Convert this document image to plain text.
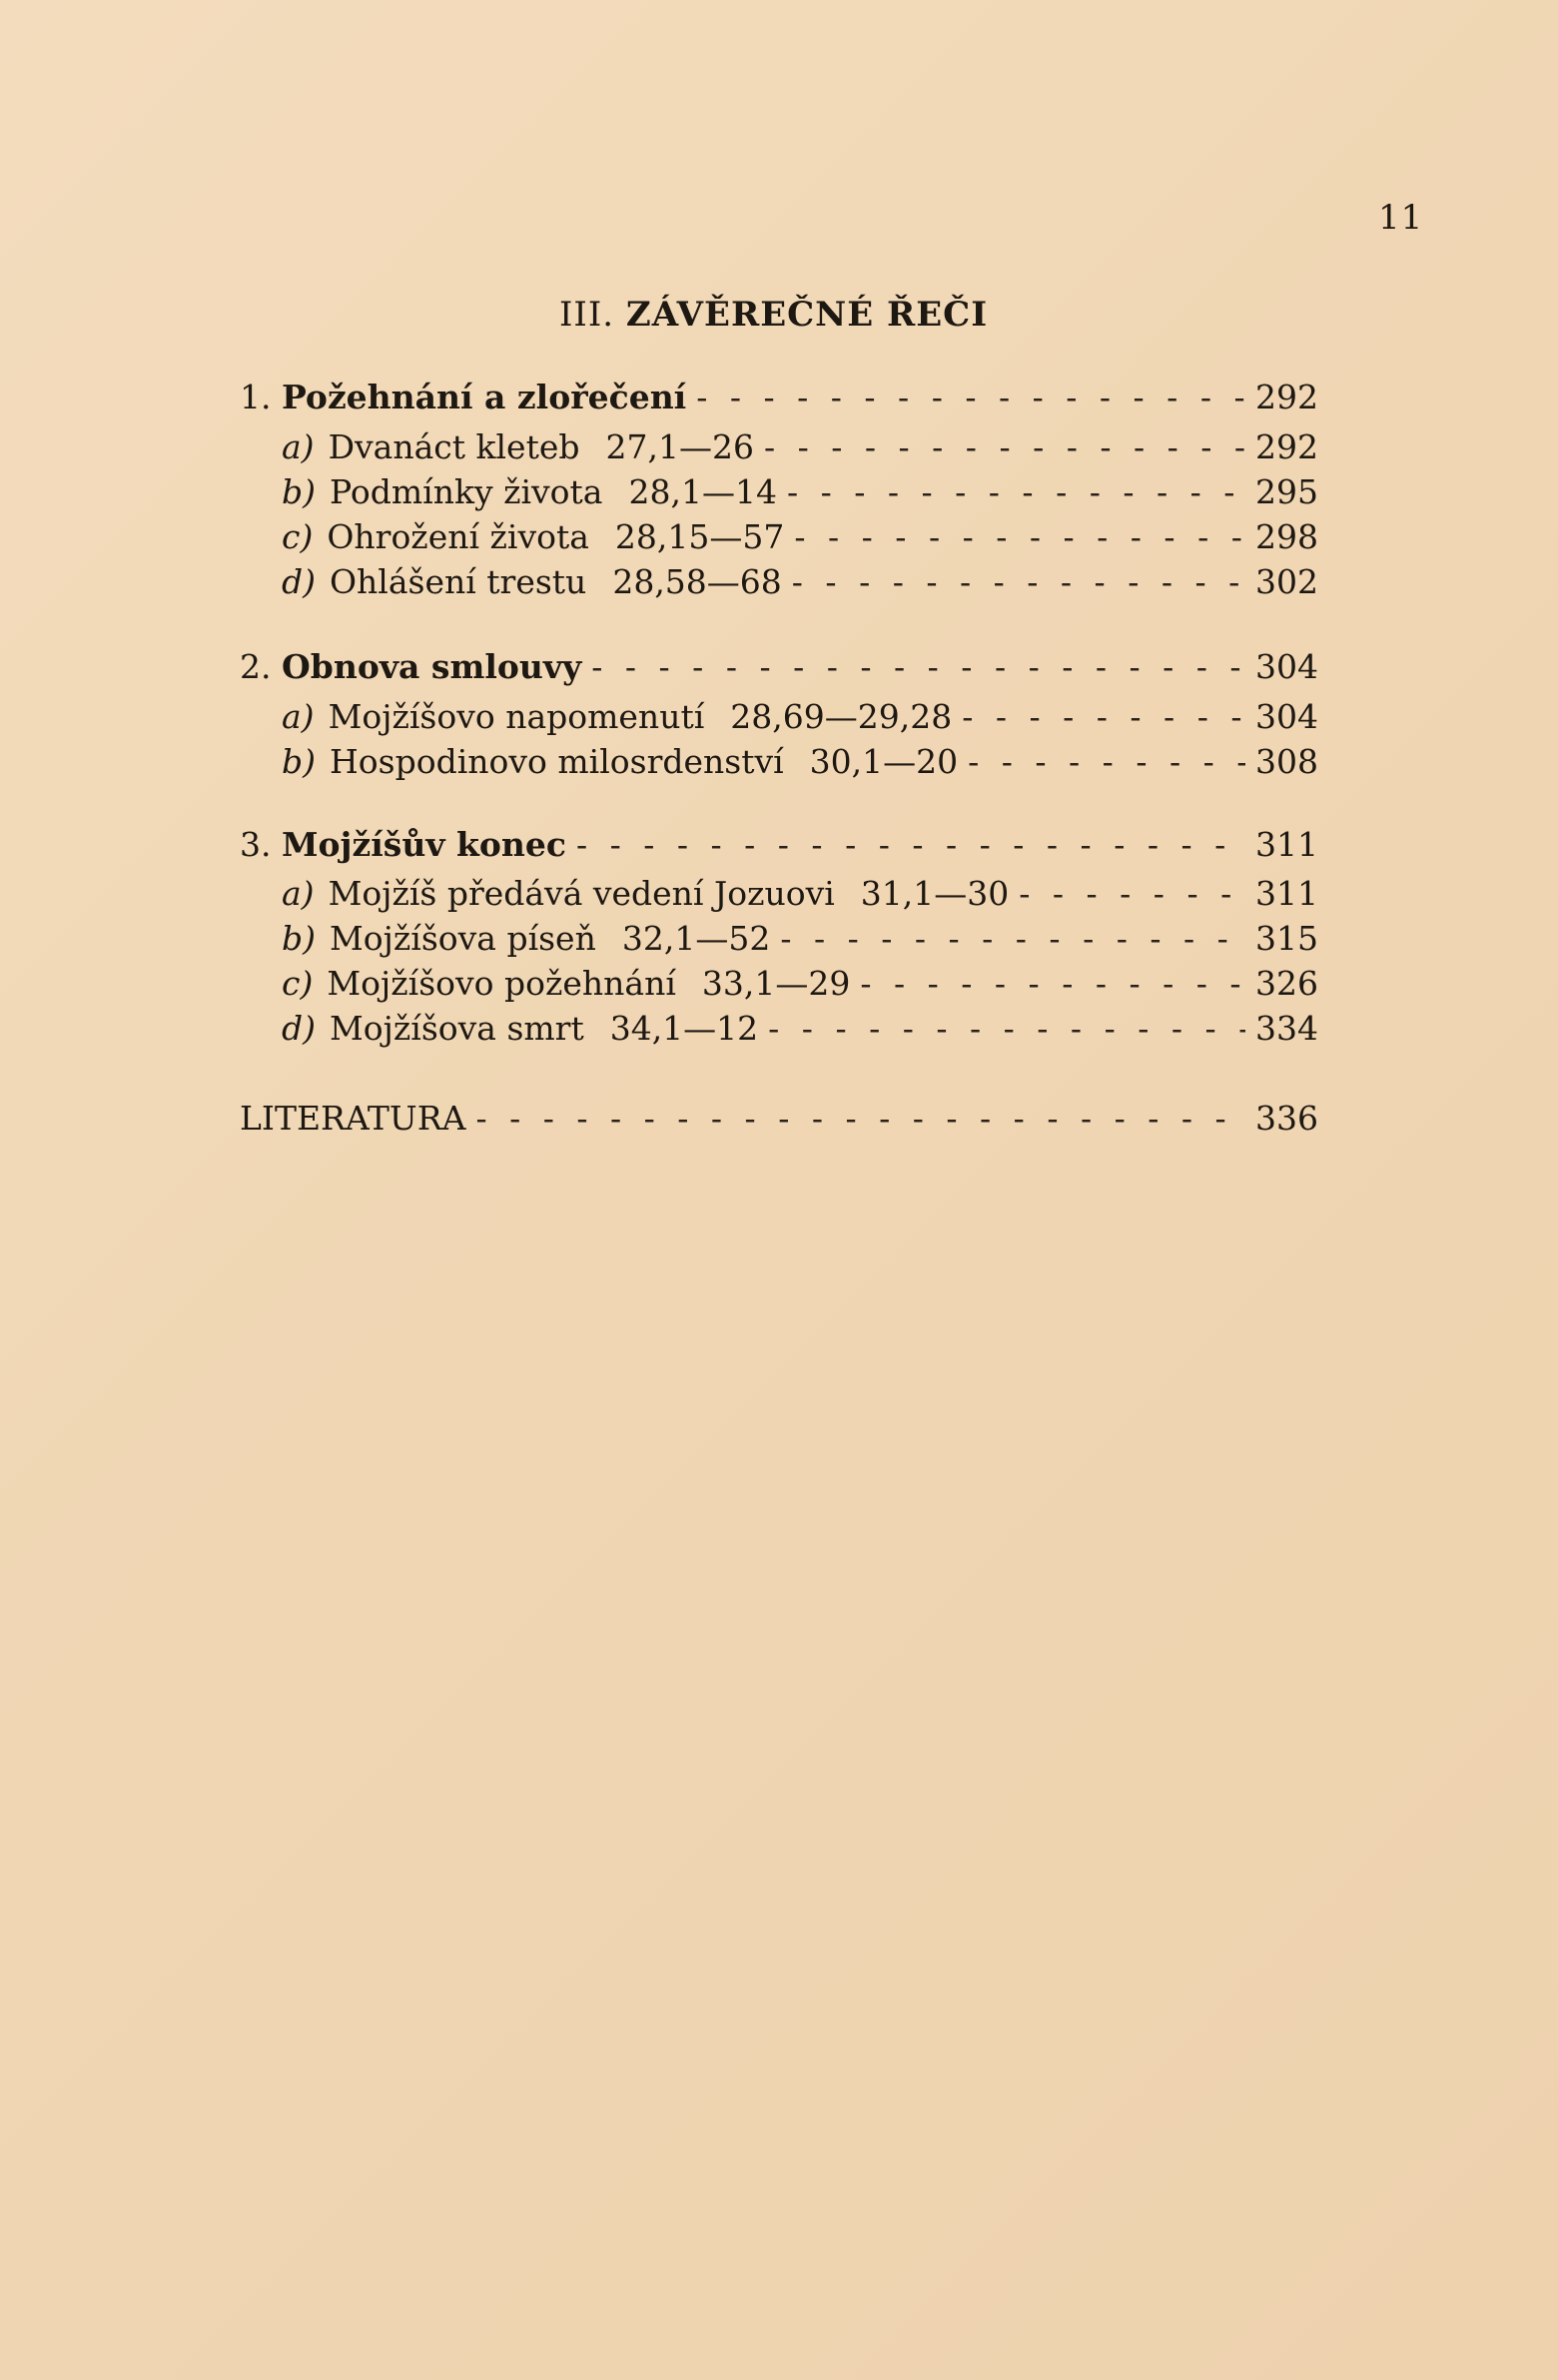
11
III. ZÁVĚREČNÉ ŘEČI
1. Požehnání a zlořečení - - -	292
a) Dvanáct kleteb 27,1—26 - - -	292
b) Podmínky života 28,1—14 - - -	295
c) Ohrožení života 28,15—57 - - -	298
d) Ohlášení trestu 28,58—68 - - -	302
2. Obnova smlouvy - - -	304
a) Mojžíšovo napomenutí 28,69—29,28 - - -	304
b) Hospodinovo milosrdenství 30,1—20 - - -	308
3. Mojžíšův konec - - -	311
a) Mojžíš předává vedení Jozuovi 31,1—30 - - -	311
b) Mojžíšova píseň 32,1—52 - - -	315
c) Mojžíšovo požehnání 33,1—29 - - -	326
d) Mojžíšova smrt 34,1—12 - - -	334
LITERATURA - - -	336
